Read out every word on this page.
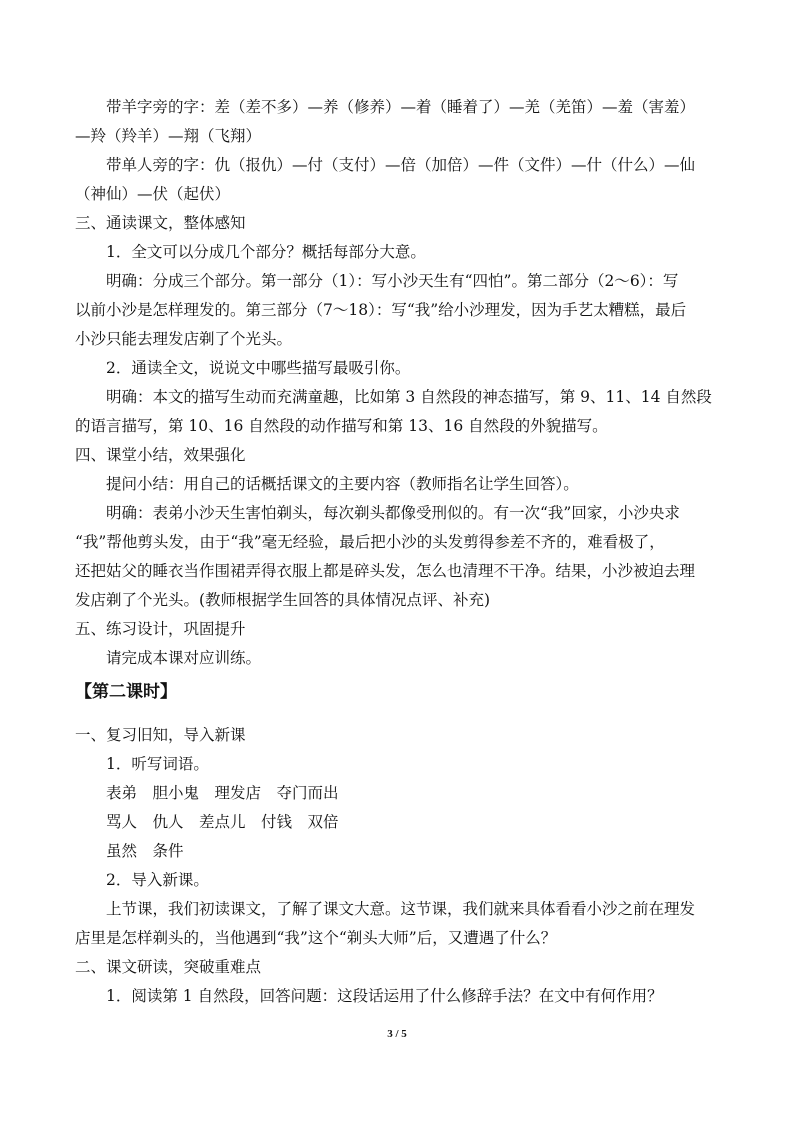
带羊字旁的字：差（差不多）—养（修养）—着（睡着了）—羌（羌笛）—羞（害羞）
—羚（羚羊）—翔（飞翔）
带单人旁的字：仇（报仇）—付（支付）—倍（加倍）—件（文件）—什（什么）—仙
（神仙）—伏（起伏）
三、通读课文，整体感知
1．全文可以分成几个部分？概括每部分大意。
明确：分成三个部分。第一部分（1）：写小沙天生有“四怕”。第二部分（2～6）：写
以前小沙是怎样理发的。第三部分（7～18）：写“我”给小沙理发，因为手艺太糟糕，最后
小沙只能去理发店剃了个光头。
2．通读全文，说说文中哪些描写最吸引你。
明确：本文的描写生动而充满童趣，比如第 3 自然段的神态描写，第 9、11、14 自然段
的语言描写，第 10、16 自然段的动作描写和第 13、16 自然段的外貌描写。
四、课堂小结，效果强化
提问小结：用自己的话概括课文的主要内容（教师指名让学生回答）。
明确：表弟小沙天生害怕剃头，每次剃头都像受刑似的。有一次“我”回家，小沙央求
“我”帮他剪头发，由于“我”毫无经验，最后把小沙的头发剪得参差不齐的，难看极了，
还把姑父的睡衣当作围裙弄得衣服上都是碎头发，怎么也清理不干净。结果，小沙被迫去理
发店剃了个光头。(教师根据学生回答的具体情况点评、补充)
五、练习设计，巩固提升
请完成本课对应训练。
【第二课时】
一、复习旧知，导入新课
1．听写词语。
表弟　胆小鬼　理发店　夺门而出
骂人　仇人　差点儿　付钱　双倍
虽然　条件
2．导入新课。
上节课，我们初读课文，了解了课文大意。这节课，我们就来具体看看小沙之前在理发
店里是怎样剃头的，当他遇到“我”这个“剃头大师”后，又遭遇了什么？
二、课文研读，突破重难点
1．阅读第 1 自然段，回答问题：这段话运用了什么修辞手法？在文中有何作用？
3 / 5
